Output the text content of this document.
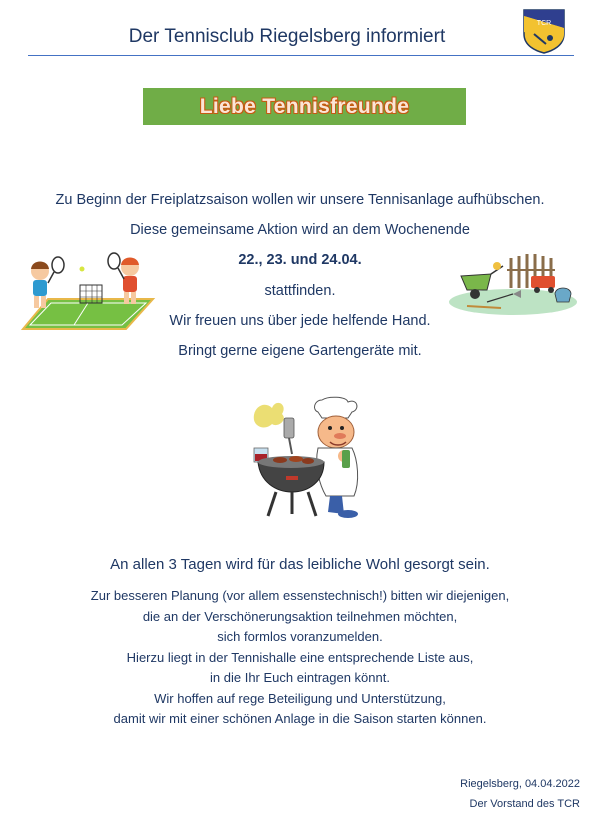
Der Tennisclub Riegelsberg informiert
TCR
Liebe Tennisfreunde
Zu Beginn der Freiplatzsaison wollen wir unsere Tennisanlage aufhübschen.
Diese gemeinsame Aktion wird an dem Wochenende
22., 23. und 24.04.
stattfinden.
Wir freuen uns über jede helfende Hand.
Bringt gerne eigene Gartengeräte mit.
An allen 3 Tagen wird für das leibliche Wohl gesorgt sein.
Zur besseren Planung (vor allem essenstechnisch!) bitten wir diejenigen,
die an der Verschönerungsaktion teilnehmen möchten,
sich formlos voranzumelden.
Hierzu liegt in der Tennishalle eine entsprechende Liste aus,
in die Ihr Euch eintragen könnt.
Wir hoffen auf rege Beteiligung und Unterstützung,
damit wir mit einer schönen Anlage in die Saison starten können.
Riegelsberg, 04.04.2022
Der Vorstand des TCR
